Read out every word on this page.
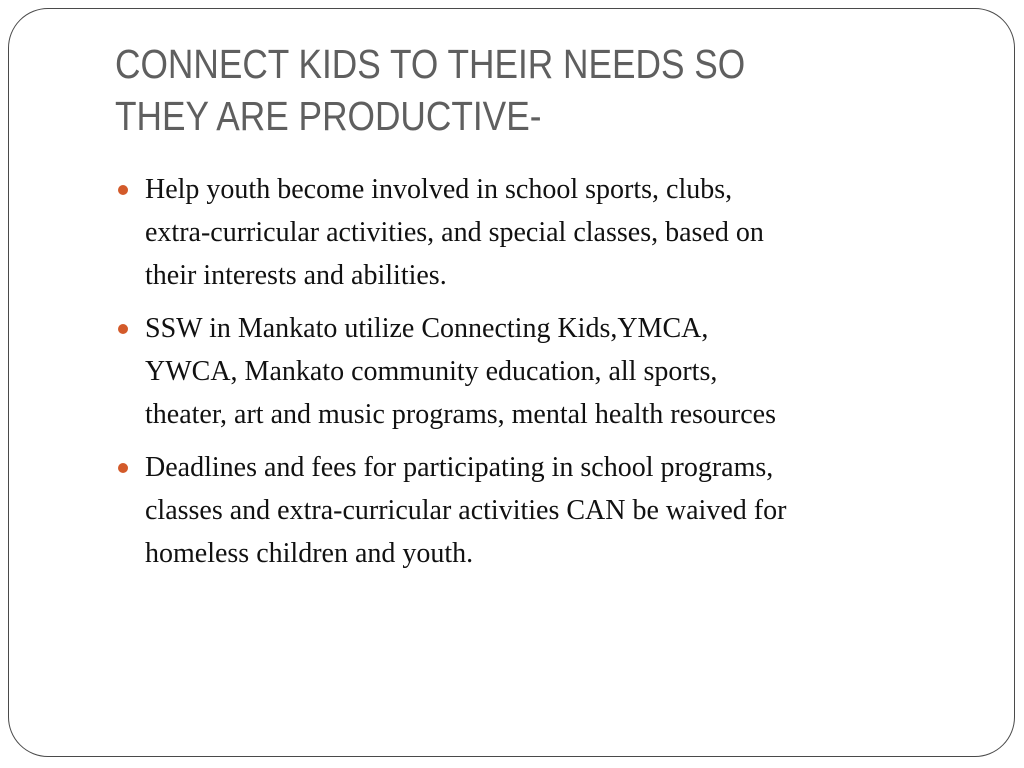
CONNECT KIDS TO THEIR NEEDS SO
THEY ARE PRODUCTIVE-
Help youth become involved in school sports, clubs,
extra-curricular activities, and special classes, based on
their interests and abilities.
SSW in Mankato utilize Connecting Kids,YMCA,
YWCA, Mankato community education, all sports,
theater, art and music programs, mental health resources
Deadlines and fees for participating in school programs,
classes and extra-curricular activities CAN be waived for
homeless children and youth.
